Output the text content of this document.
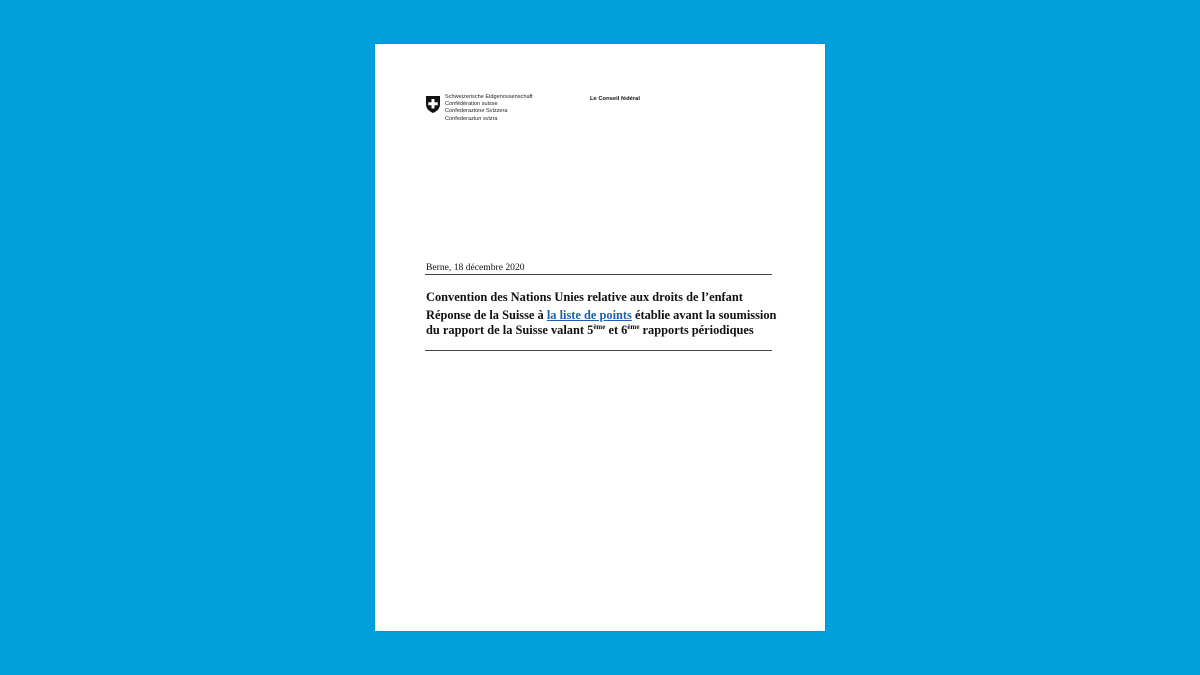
Schweizerische Eidgenossenschaft
Confédération suisse
Confederazione Svizzera
Confederaziun svizra
Le Conseil fédéral
Berne, 18 décembre 2020
Convention des Nations Unies relative aux droits de l’enfant
Réponse de la Suisse à la liste de points établie avant la soumission
du rapport de la Suisse valant 5ème et 6ème rapports périodiques
